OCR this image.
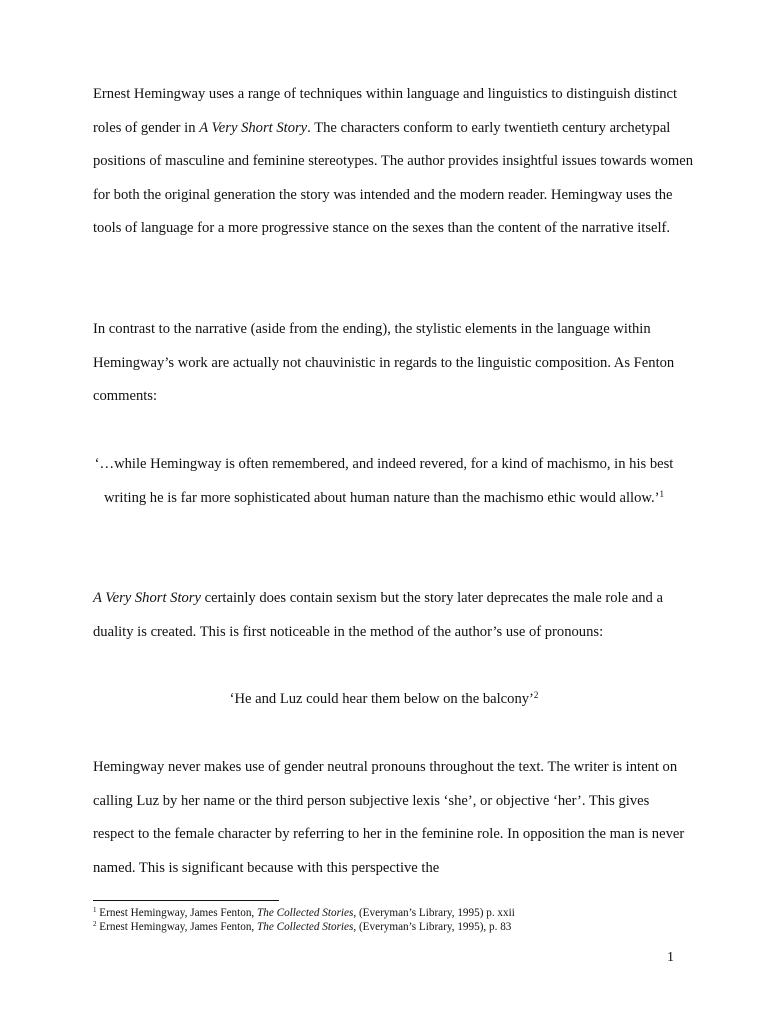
Ernest Hemingway uses a range of techniques within language and linguistics to distinguish distinct roles of gender in A Very Short Story. The characters conform to early twentieth century archetypal positions of masculine and feminine stereotypes. The author provides insightful issues towards women for both the original generation the story was intended and the modern reader. Hemingway uses the tools of language for a more progressive stance on the sexes than the content of the narrative itself.

In contrast to the narrative (aside from the ending), the stylistic elements in the language within Hemingway’s work are actually not chauvinistic in regards to the linguistic composition. As Fenton comments:

‘…while Hemingway is often remembered, and indeed revered, for a kind of machismo, in his best writing he is far more sophisticated about human nature than the machismo ethic would allow.’$^1$

A Very Short Story certainly does contain sexism but the story later deprecates the male role and a duality is created. This is first noticeable in the method of the author’s use of pronouns:

‘He and Luz could hear them below on the balcony’$^2$

Hemingway never makes use of gender neutral pronouns throughout the text. The writer is intent on calling Luz by her name or the third person subjective lexis ‘she’, or objective ‘her’. This gives respect to the female character by referring to her in the feminine role. In opposition the man is never named. This is significant because with this perspective the

$^1$ Ernest Hemingway, James Fenton, The Collected Stories, (Everyman’s Library, 1995) p. xxii

$^2$ Ernest Hemingway, James Fenton, The Collected Stories, (Everyman’s Library, 1995), p. 83

1
